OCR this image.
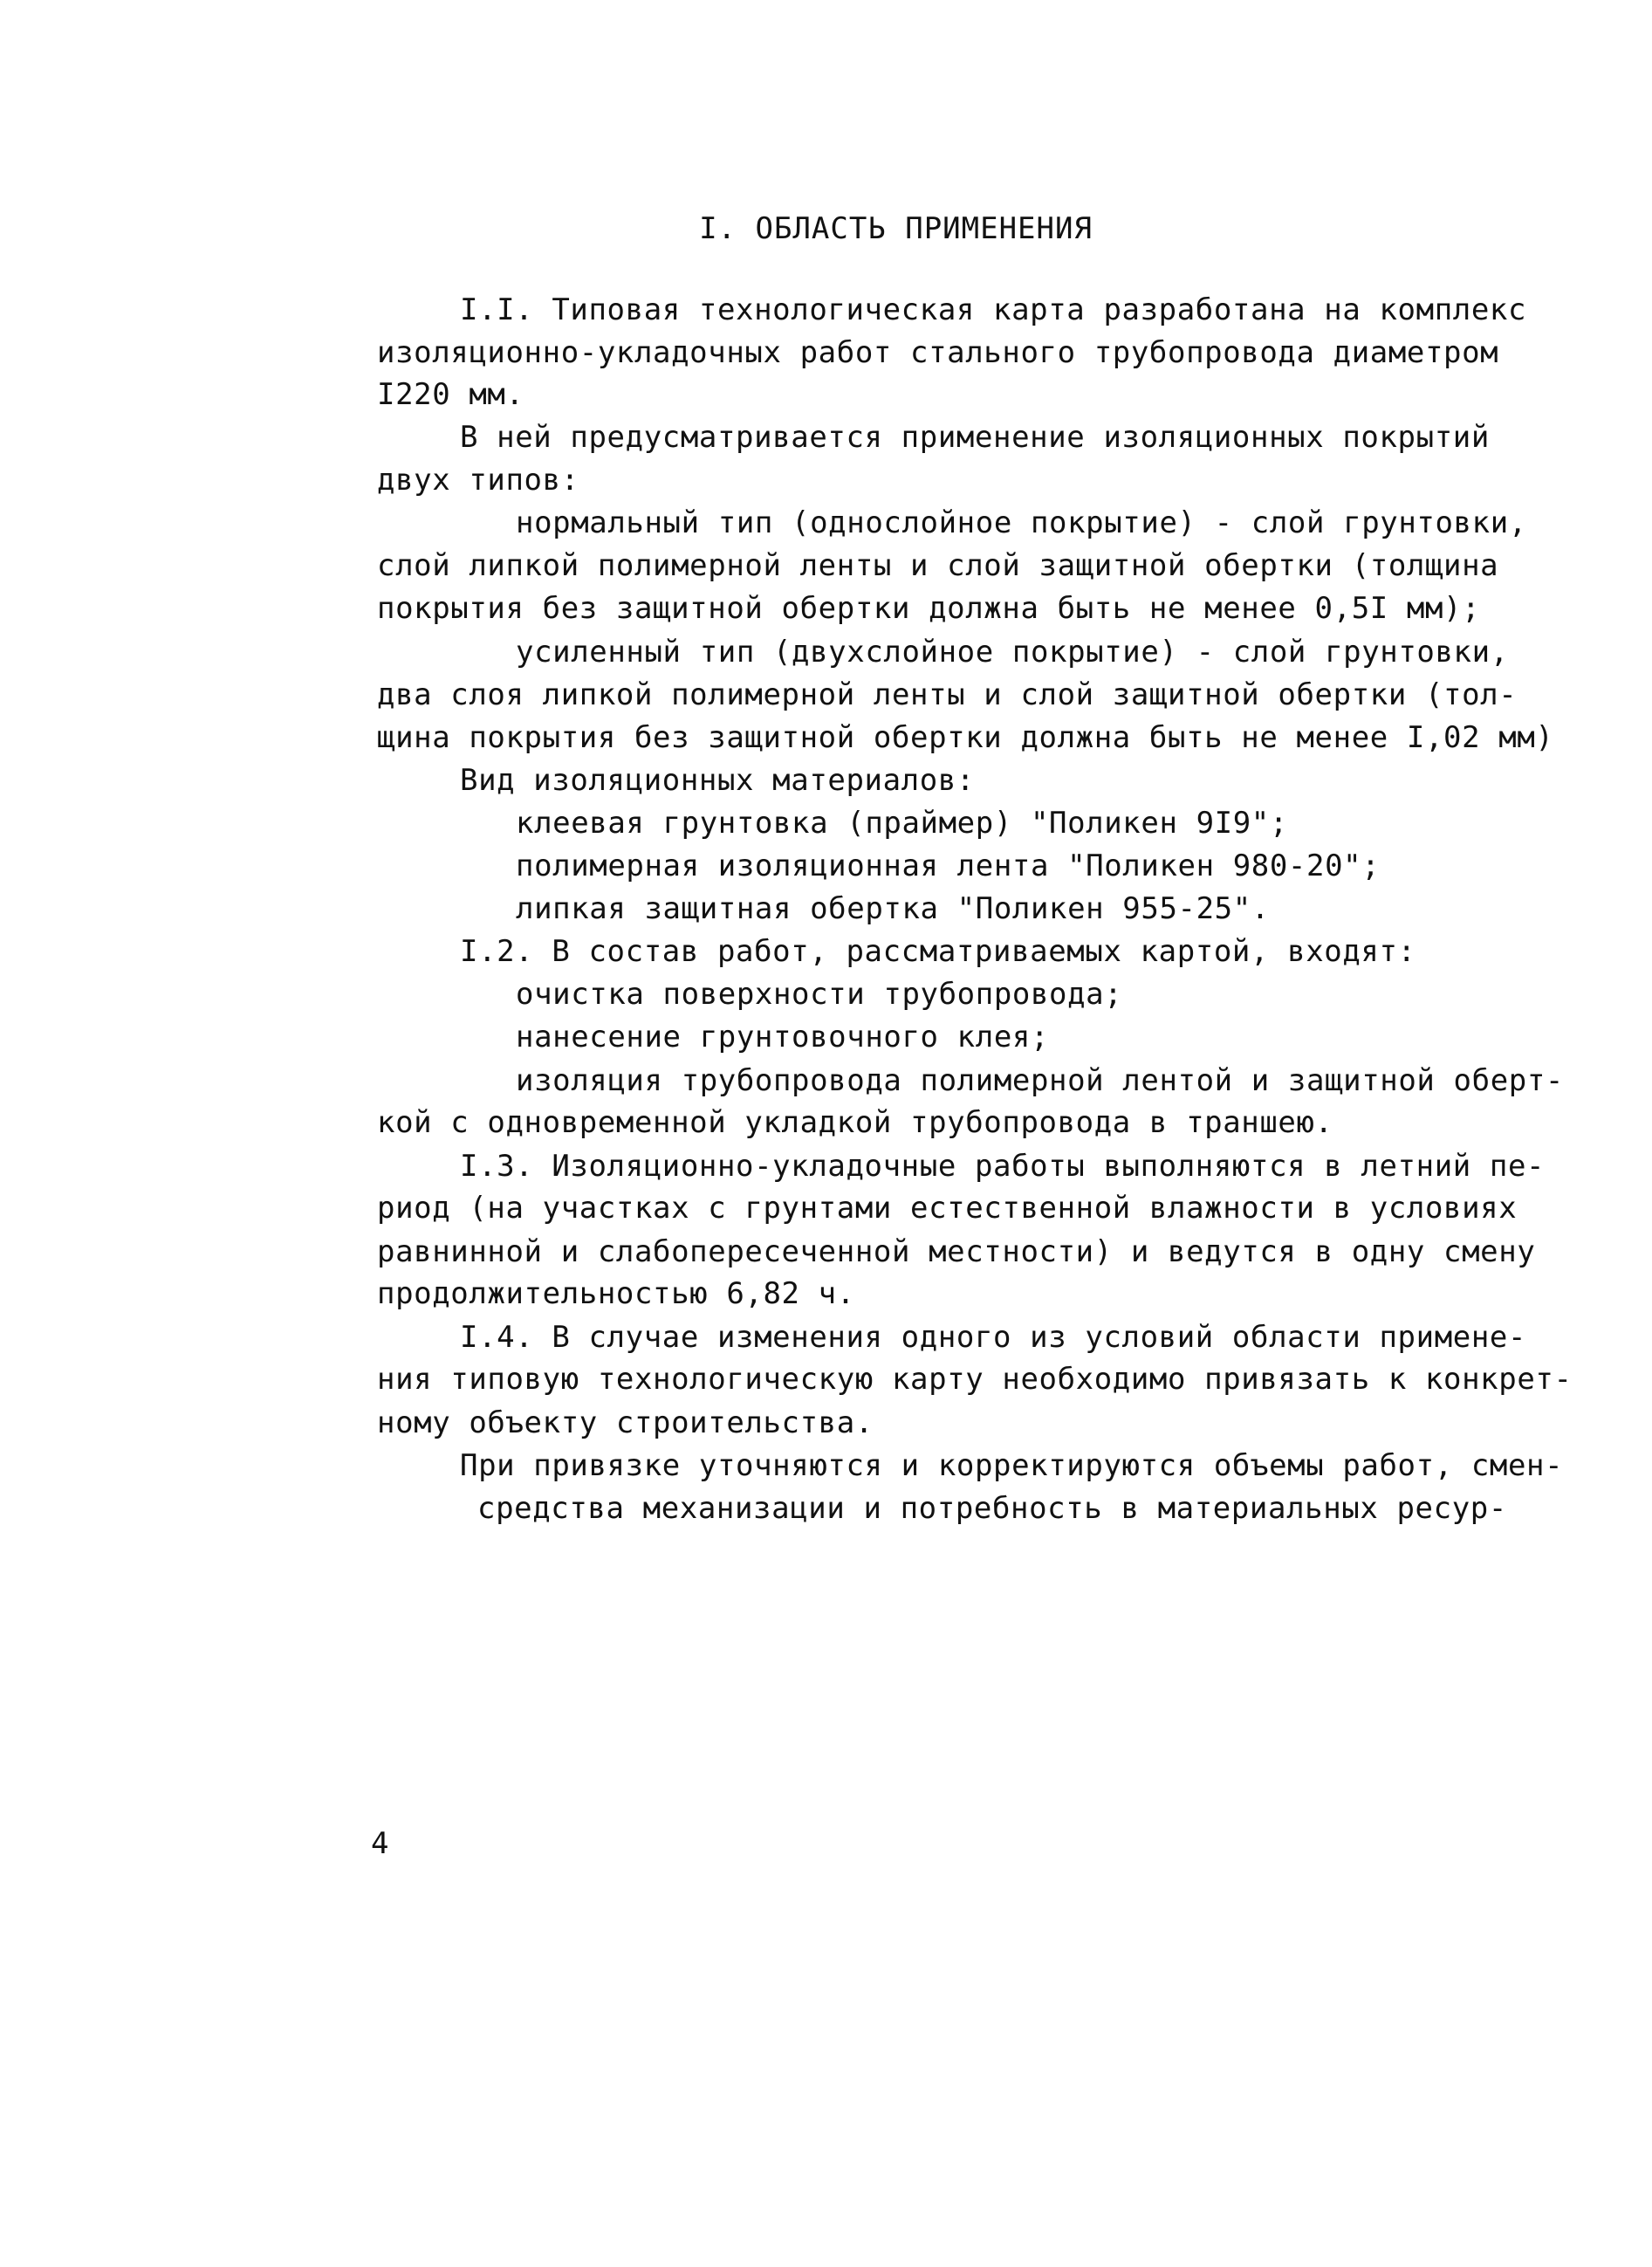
I. ОБЛАСТЬ ПРИМЕНЕНИЯ
I.I. Типовая технологическая карта разработана на комплекс
изоляционно-укладочных работ стального трубопровода диаметром
I220 мм.
В ней предусматривается применение изоляционных покрытий
двух типов:
нормальный тип (однослойное покрытие) - слой грунтовки,
слой липкой полимерной ленты и слой защитной обертки (толщина
покрытия без защитной обертки должна быть не менее 0,5I мм);
усиленный тип (двухслойное покрытие) - слой грунтовки,
два слоя липкой полимерной ленты и слой защитной обертки (тол-
щина покрытия без защитной обертки должна быть не менее I,02 мм)
Вид изоляционных материалов:
клеевая грунтовка (праймер) "Поликен 9I9";
полимерная изоляционная лента "Поликен 980-20";
липкая защитная обертка "Поликен 955-25".
I.2. В состав работ, рассматриваемых картой, входят:
очистка поверхности трубопровода;
нанесение грунтовочного клея;
изоляция трубопровода полимерной лентой и защитной оберт-
кой с одновременной укладкой трубопровода в траншею.
I.3. Изоляционно-укладочные работы выполняются в летний пе-
риод (на участках с грунтами естественной влажности в условиях
равнинной и слабопересеченной местности) и ведутся в одну смену
продолжительностью 6,82 ч.
I.4. В случае изменения одного из условий области примене-
ния типовую технологическую карту необходимо привязать к конкрет-
ному объекту строительства.
При привязке уточняются и корректируются объемы работ, смен-
средства механизации и потребность в материальных ресур-
4
